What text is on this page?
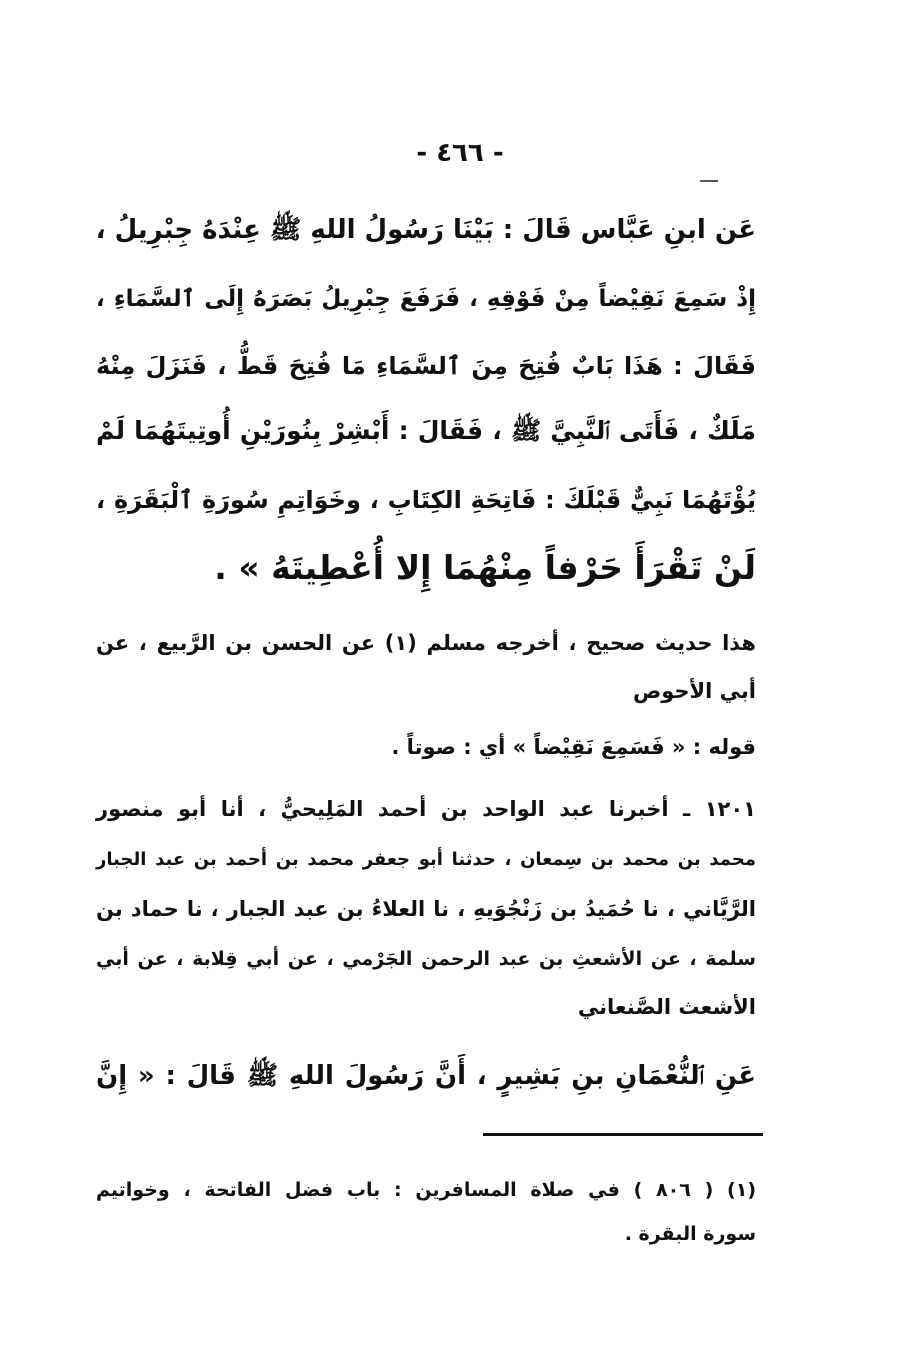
- ٤٦٦ -
عَن ابنِ عَبَّاس قَالَ : بَيْنَا رَسُولُ اللهِ ﷺ عِنْدَهُ جِبْرِيلُ ،
إِذْ سَمِعَ نَقِيْضاً مِنْ فَوْقِهِ ، فَرَفَعَ جِبْرِيلُ بَصَرَهُ إِلَى ٱلسَّمَاءِ ،
فَقَالَ : هَذَا بَابٌ فُتِحَ مِنَ ٱلسَّمَاءِ مَا فُتِحَ قَطُّ ، فَنَزَلَ مِنْهُ
مَلَكٌ ، فَأَتَى ٱلنَّبِيَّ ﷺ ، فَقَالَ : أَبْشِرْ بِنُورَيْنِ أُوتِيتَهُمَا لَمْ
يُؤْتَهُمَا نَبِيٌّ قَبْلَكَ : فَاتِحَةِ الكِتَابِ ، وخَوَاتِمِ سُورَةِ ٱلْبَقَرَةِ ،
لَنْ تَقْرَأَ حَرْفاً مِنْهُمَا إِلا أُعْطِيتَهُ » .
هذا حديث صحيح ، أخرجه مسلم (١) عن الحسن بن الرَّبيع ، عن
أبي الأحوص
قوله : « فَسَمِعَ نَقِيْضاً » أي : صوتاً .
١٢٠١ ـ أخبرنا عبد الواحد بن أحمد المَلِيحيُّ ، أنا أبو منصور
محمد بن محمد بن سِمعان ، حدثنا أبو جعفر محمد بن أحمد بن عبد الجبار
الرَّيَّاني ، نا حُمَيدُ بن زَنْجُوَيهِ ، نا العلاءُ بن عبد الجبار ، نا حماد بن
سلمة ، عن الأشعثِ بن عبد الرحمن الجَرْمي ، عن أبي قِلابة ، عن أبي
الأشعث الصَّنعاني
عَنِ ٱلنُّعْمَانِ بنِ بَشِيرٍ ، أَنَّ رَسُولَ اللهِ ﷺ قَالَ : « إِنَّ
(١) ( ٨٠٦ ) في صلاة المسافرين : باب فضل الفاتحة ، وخواتيم
سورة البقرة .
